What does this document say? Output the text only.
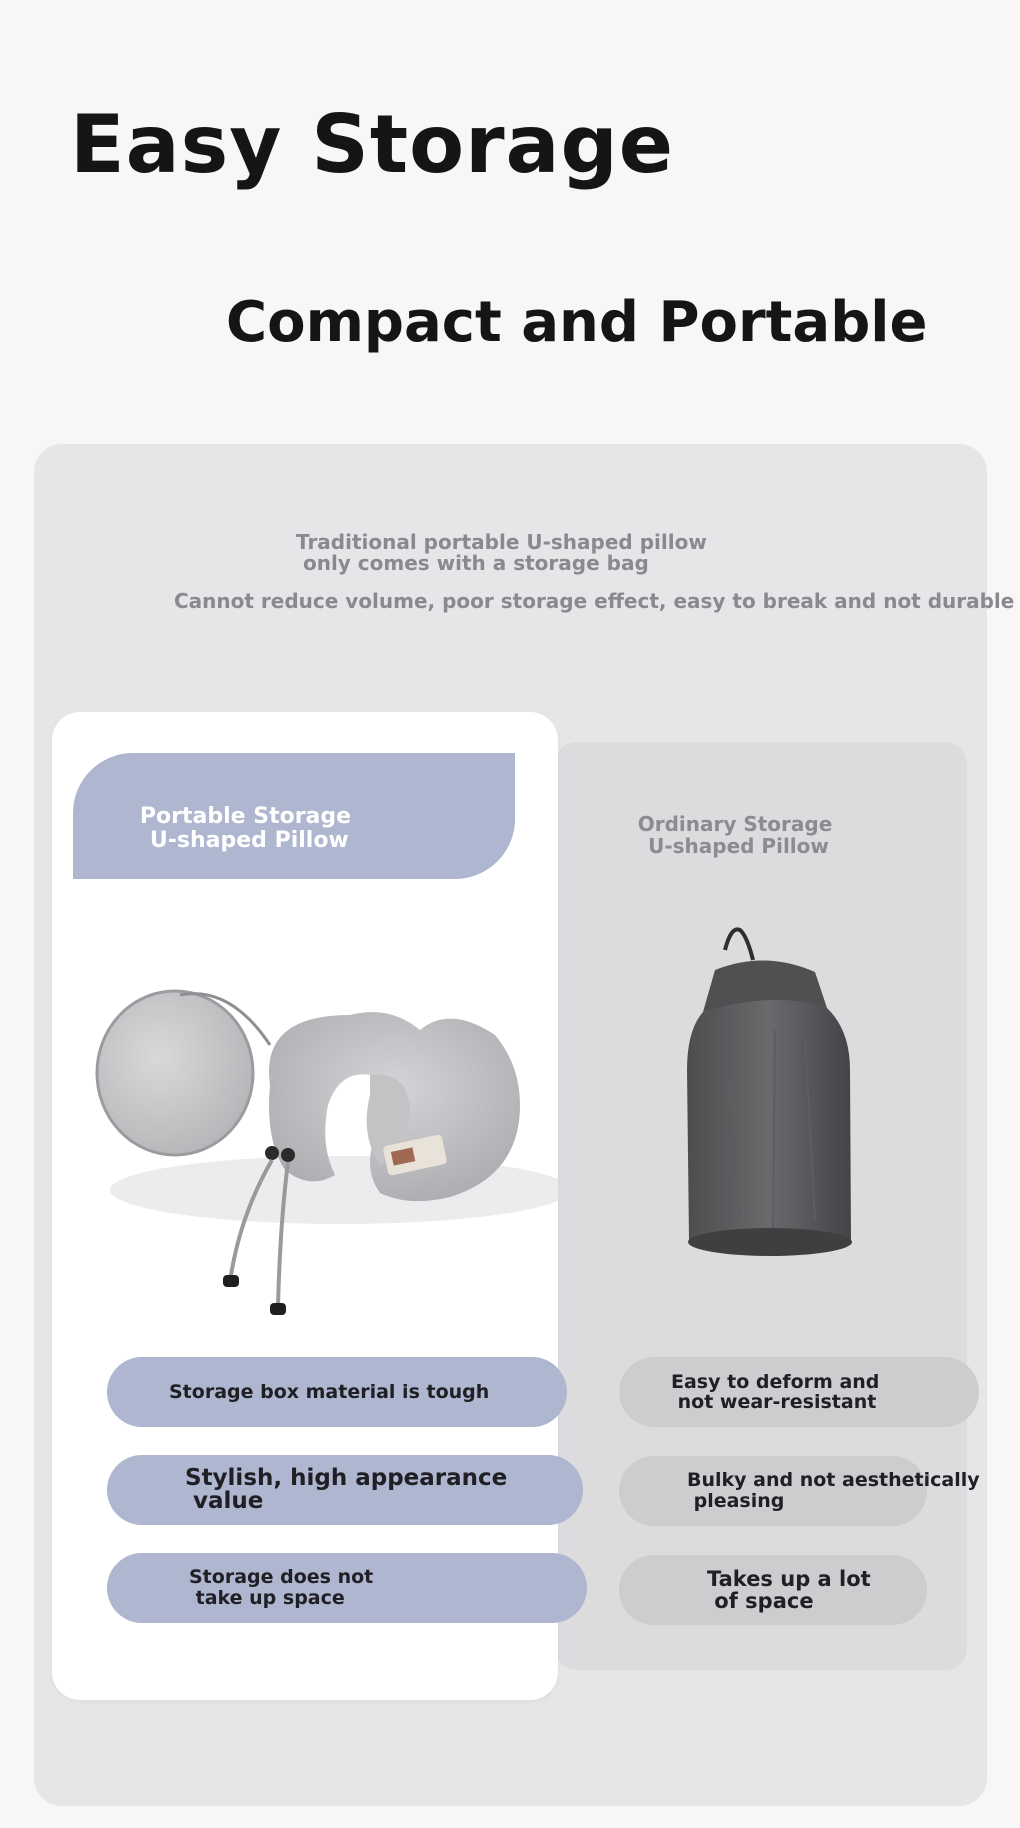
Easy Storage
Compact and Portable
Traditional portable U-shaped pillow
only comes with a storage bag
Cannot reduce volume, poor storage effect, easy to break and not durable
Ordinary Storage
U-shaped Pillow
Portable Storage
U-shaped Pillow
Storage box material is tough
Stylish, high appearance
value
Storage does not
take up space
Easy to deform and
not wear-resistant
Bulky and not aesthetically
pleasing
Takes up a lot
of space
